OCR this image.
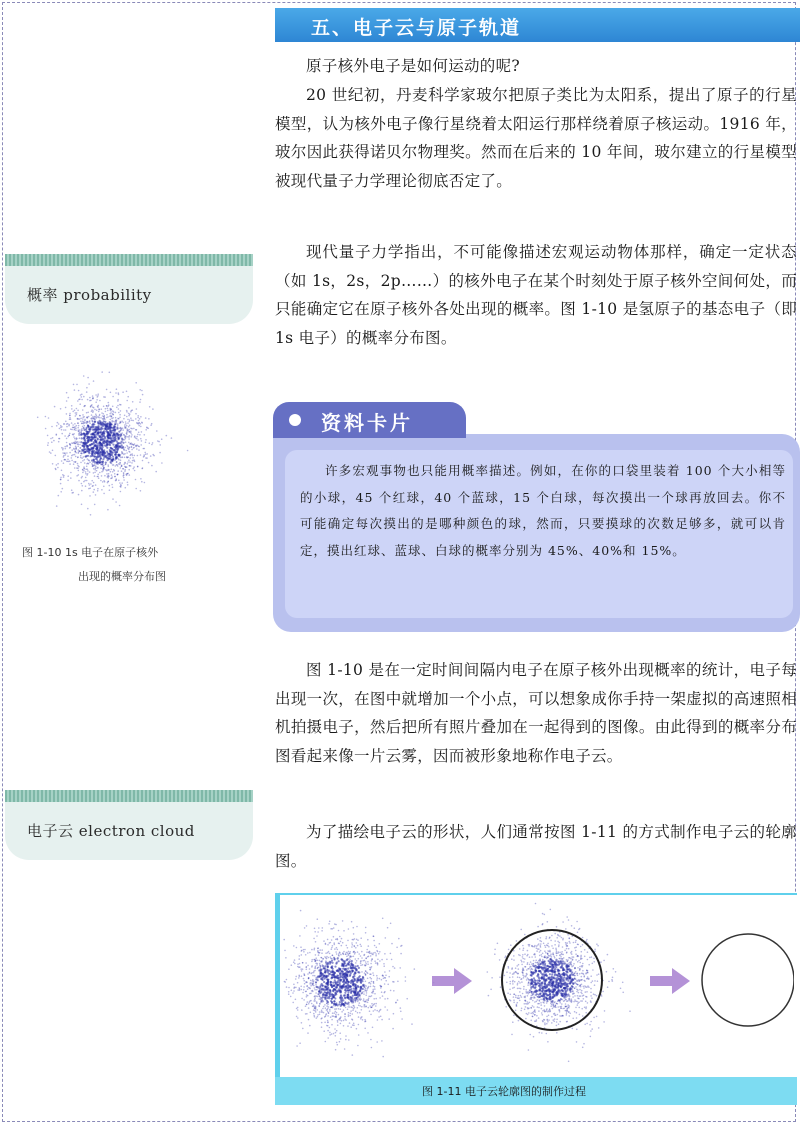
五、电子云与原子轨道

原子核外电子是如何运动的呢?

20 世纪初，丹麦科学家玻尔把原子类比为太阳系，提出了原子的行星模型，认为核外电子像行星绕着太阳运行那样绕着原子核运动。1916 年，玻尔因此获得诺贝尔物理奖。然而在后来的 10 年间，玻尔建立的行星模型被现代量子力学理论彻底否定了。

现代量子力学指出，不可能像描述宏观运动物体那样，确定一定状态（如 1s，2s，2p……）的核外电子在某个时刻处于原子核外空间何处，而只能确定它在原子核外各处出现的概率。图 1-10 是氢原子的基态电子（即 1s 电子）的概率分布图。

概率 probability
图 1-10 1s 电子在原子核外
出现的概率分布图
资料卡片

许多宏观事物也只能用概率描述。例如，在你的口袋里装着 100 个大小相等的小球，45 个红球，40 个蓝球，15 个白球，每次摸出一个球再放回去。你不可能确定每次摸出的是哪种颜色的球，然而，只要摸球的次数足够多，就可以肯定，摸出红球、蓝球、白球的概率分别为 45%、40%和 15%。

图 1-10 是在一定时间间隔内电子在原子核外出现概率的统计，电子每出现一次，在图中就增加一个小点，可以想象成你手持一架虚拟的高速照相机拍摄电子，然后把所有照片叠加在一起得到的图像。由此得到的概率分布图看起来像一片云雾，因而被形象地称作电子云。

电子云 electron cloud	为了描绘电子云的形状，人们通常按图 1-11 的方式制作电子云的轮廓图。

图 1-11 电子云轮廓图的制作过程
